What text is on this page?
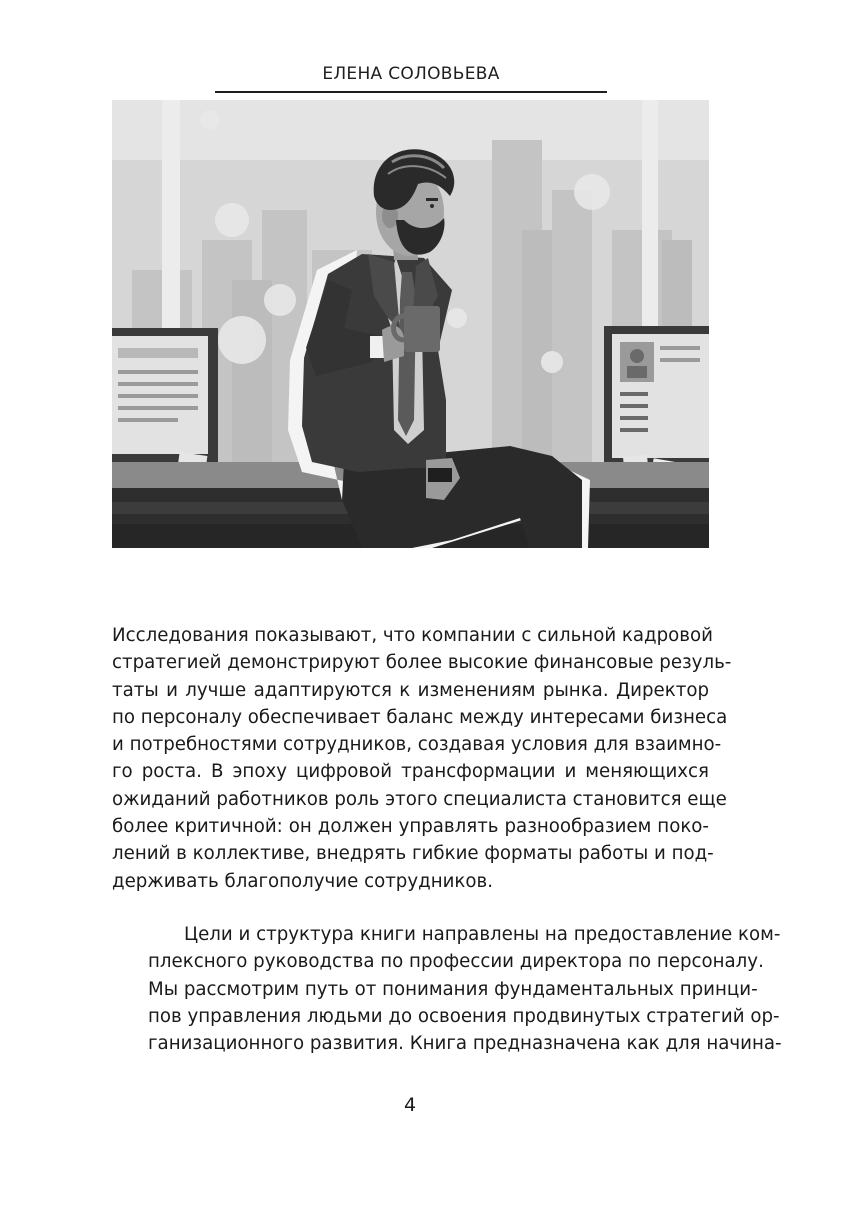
ЕЛЕНА СОЛОВЬЕВА
Исследования показывают, что компании с сильной кадровой
стратегией демонстрируют более высокие финансовые резуль-
таты и лучше адаптируются к изменениям рынка. Директор
по персоналу обеспечивает баланс между интересами бизнеса
и потребностями сотрудников, создавая условия для взаимно-
го роста. В эпоху цифровой трансформации и меняющихся
ожиданий работников роль этого специалиста становится еще
более критичной: он должен управлять разнообразием поко-
лений в коллективе, внедрять гибкие форматы работы и под-
держивать благополучие сотрудников.
Цели и структура книги направлены на предоставление ком-
плексного руководства по профессии директора по персоналу.
Мы рассмотрим путь от понимания фундаментальных принци-
пов управления людьми до освоения продвинутых стратегий ор-
ганизационного развития. Книга предназначена как для начина-
4
